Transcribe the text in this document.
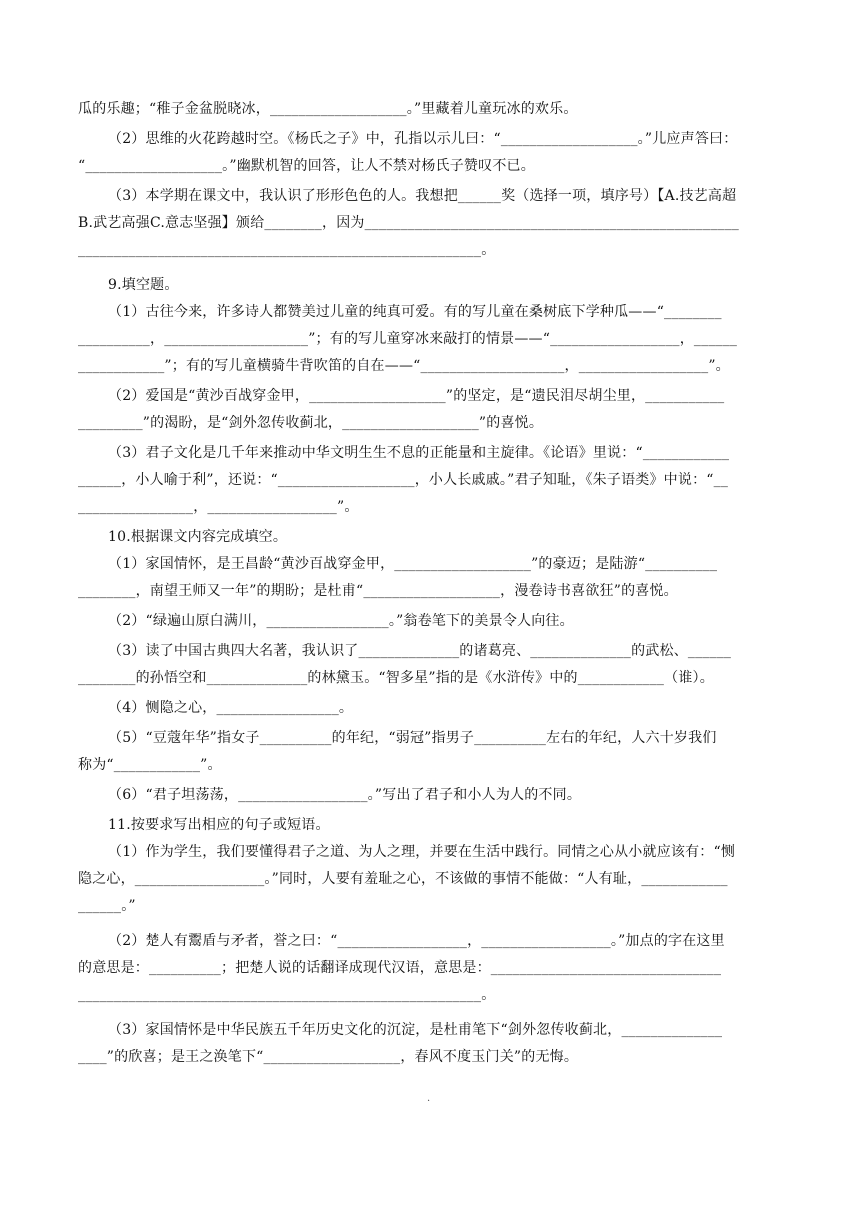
瓜的乐趣；“稚子金盆脱晓冰，___________________。”里藏着儿童玩冰的欢乐。
（2）思维的火花跨越时空。《杨氏之子》中，孔指以示儿曰：“___________________。”儿应声答曰：
“___________________。”幽默机智的回答，让人不禁对杨氏子赞叹不已。
（3）本学期在课文中，我认识了形形色色的人。我想把______奖（选择一项，填序号）【A.技艺高超
B.武艺高强C.意志坚强】颁给________，因为____________________________________________________
________________________________________________________。
9.填空题。
（1）古往今来，许多诗人都赞美过儿童的纯真可爱。有的写儿童在桑树底下学种瓜——“________
__________，____________________”；有的写儿童穿冰来敲打的情景——“__________________，______
____________”；有的写儿童横骑牛背吹笛的自在——“____________________，__________________”。
（2）爱国是“黄沙百战穿金甲，___________________”的坚定，是“遗民泪尽胡尘里，___________
_________”的渴盼，是“剑外忽传收蓟北，___________________”的喜悦。
（3）君子文化是几千年来推动中华文明生生不息的正能量和主旋律。《论语》里说：“____________
______，小人喻于利”，还说：“___________________，小人长戚戚。”君子知耻，《朱子语类》中说：“__
________________，__________________”。
10.根据课文内容完成填空。
（1）家国情怀，是王昌龄“黄沙百战穿金甲，___________________”的豪迈；是陆游“__________
________，南望王师又一年”的期盼；是杜甫“___________________，漫卷诗书喜欲狂”的喜悦。
（2）“绿遍山原白满川，_________________。”翁卷笔下的美景令人向往。
（3）读了中国古典四大名著，我认识了______________的诸葛亮、______________的武松、______
________的孙悟空和______________的林黛玉。“智多星”指的是《水浒传》中的____________（谁）。
（4）恻隐之心，_________________。
（5）“豆蔻年华”指女子__________的年纪，“弱冠”指男子__________左右的年纪，人六十岁我们
称为“____________”。
（6）“君子坦荡荡，__________________。”写出了君子和小人为人的不同。
11.按要求写出相应的句子或短语。
（1）作为学生，我们要懂得君子之道、为人之理，并要在生活中践行。同情之心从小就应该有：“恻
隐之心，__________________。”同时，人要有羞耻之心，不该做的事情不能做：“人有耻，____________
______。”
（2）楚人有鬻盾与矛者，誉之曰：“__________________，__________________。”加点的字在这里
的意思是：__________；把楚人说的话翻译成现代汉语，意思是：________________________________
________________________________________________________。
（3）家国情怀是中华民族五千年历史文化的沉淀，是杜甫笔下“剑外忽传收蓟北，______________
____”的欣喜；是王之涣笔下“___________________，春风不度玉门关”的无悔。
·
